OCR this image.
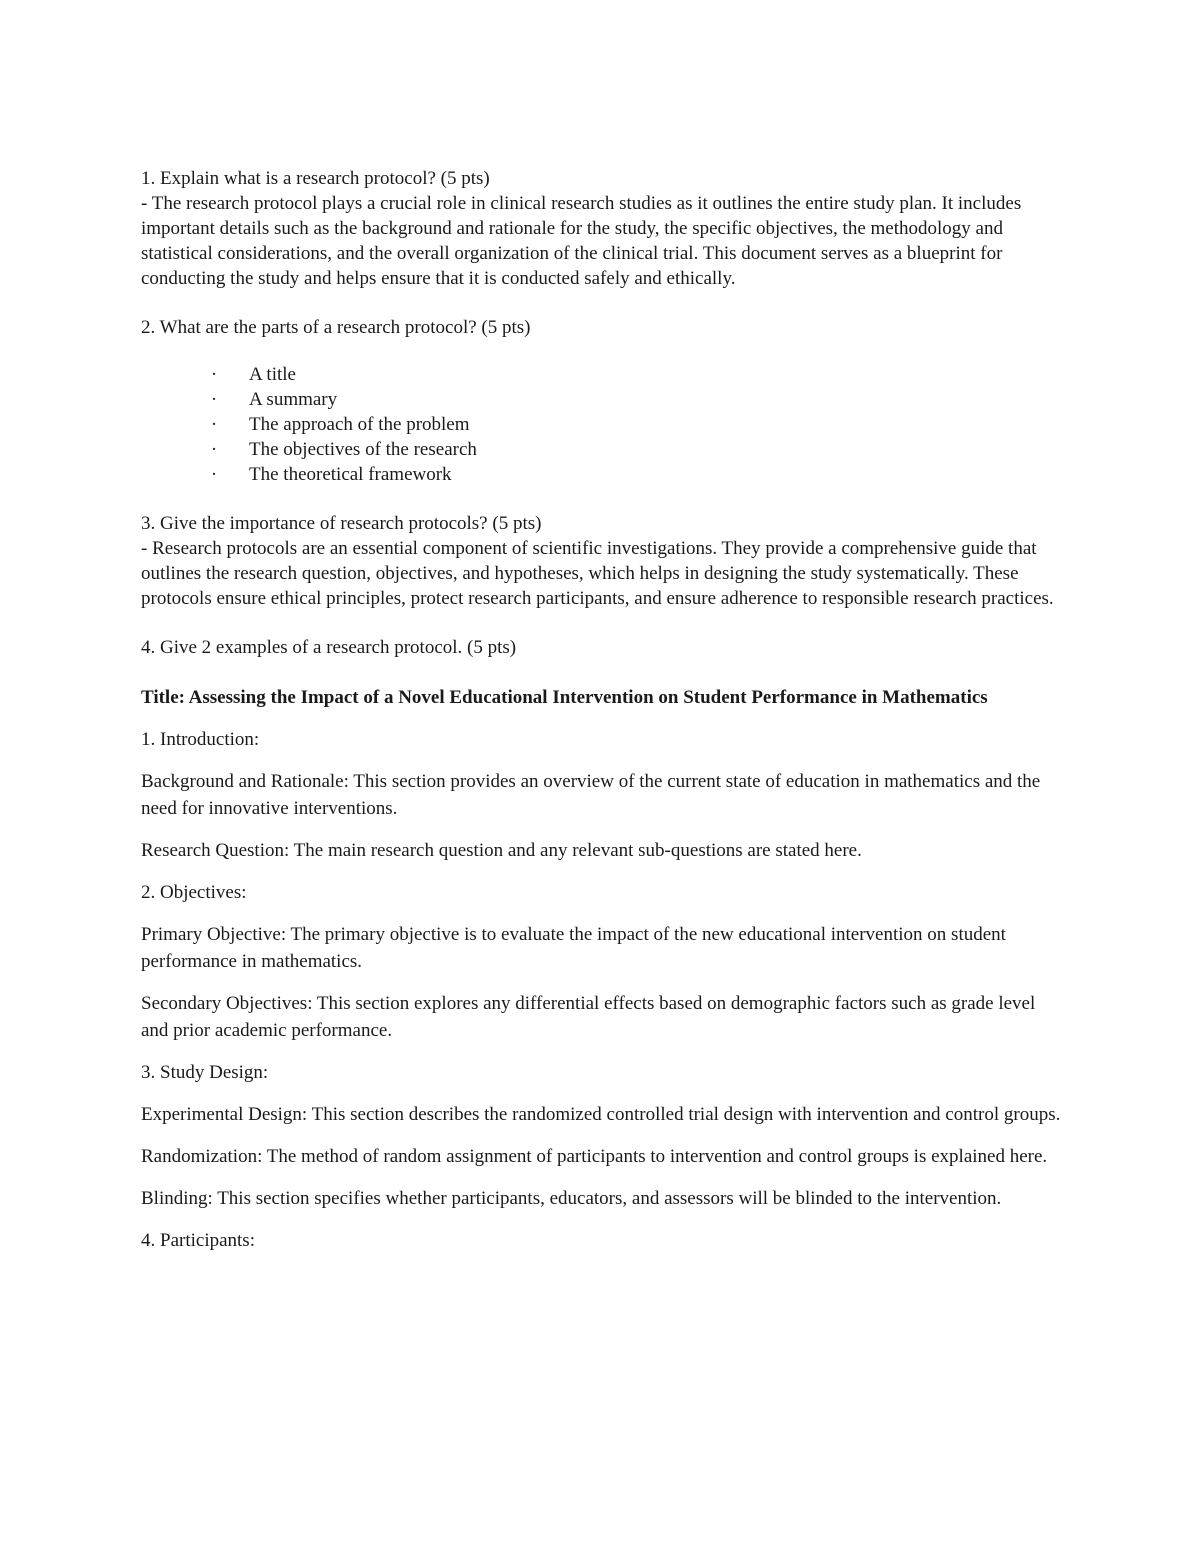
1. Explain what is a research protocol? (5 pts)

- The research protocol plays a crucial role in clinical research studies as it outlines the entire study plan. It includes important details such as the background and rationale for the study, the specific objectives, the methodology and statistical considerations, and the overall organization of the clinical trial. This document serves as a blueprint for conducting the study and helps ensure that it is conducted safely and ethically.

2. What are the parts of a research protocol? (5 pts)

· A title
· A summary
· The approach of the problem
· The objectives of the research
· The theoretical framework

3. Give the importance of research protocols? (5 pts)

- Research protocols are an essential component of scientific investigations. They provide a comprehensive guide that outlines the research question, objectives, and hypotheses, which helps in designing the study systematically. These protocols ensure ethical principles, protect research participants, and ensure adherence to responsible research practices.

4. Give 2 examples of a research protocol. (5 pts)

Title: Assessing the Impact of a Novel Educational Intervention on Student Performance in Mathematics

1. Introduction:

Background and Rationale: This section provides an overview of the current state of education in mathematics and the need for innovative interventions.

Research Question: The main research question and any relevant sub-questions are stated here.

2. Objectives:

Primary Objective: The primary objective is to evaluate the impact of the new educational intervention on student performance in mathematics.

Secondary Objectives: This section explores any differential effects based on demographic factors such as grade level and prior academic performance.

3. Study Design:

Experimental Design: This section describes the randomized controlled trial design with intervention and control groups.

Randomization: The method of random assignment of participants to intervention and control groups is explained here.

Blinding: This section specifies whether participants, educators, and assessors will be blinded to the intervention.

4. Participants:
